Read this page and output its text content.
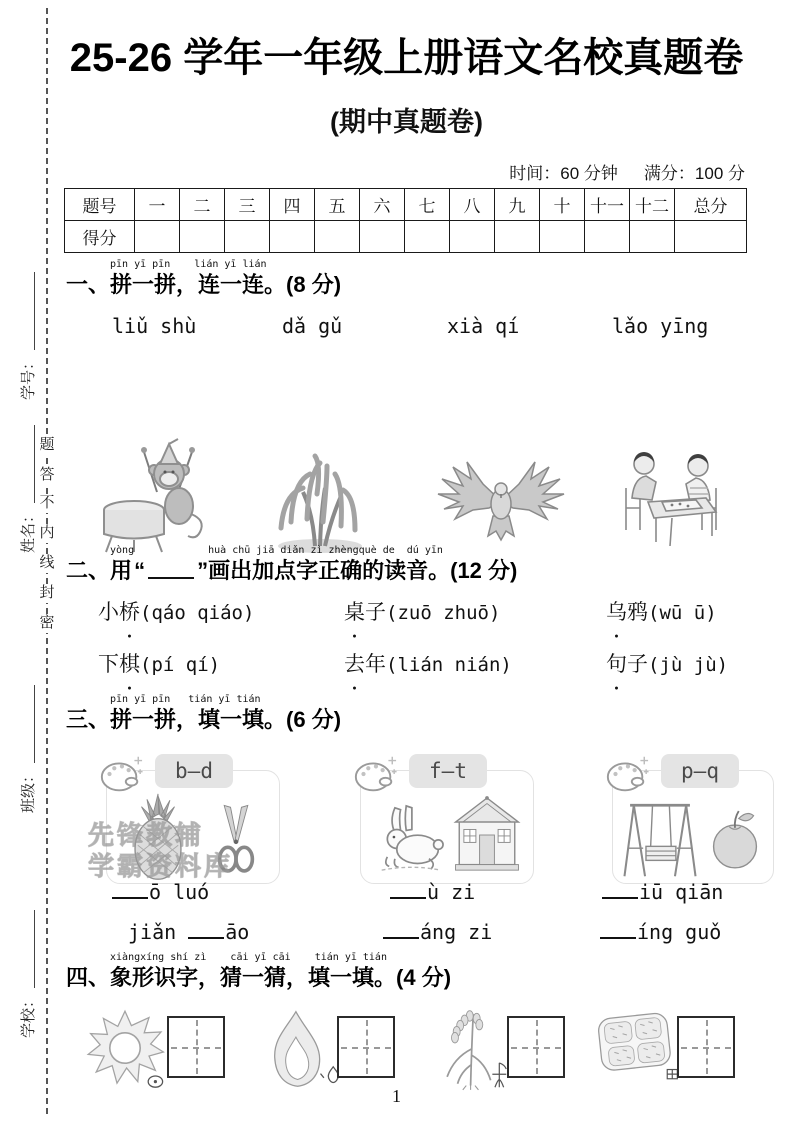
学号：
姓名：
班级：
学校：
题
答
不
内
线
封
密
25-26 学年一年级上册语文名校真题卷
(期中真题卷)
时间：60 分钟 满分：100 分
题号	一	二	三	四	五	六	七	八	九	十	十一	十二	总分
得分													
一、
pīn yī pīn    lián yī lián
拼一拼，连一连。 (8 分)
liǔ shù	dǎ gǔ	xià qí	lǎo yīng
二、
yòng
用 “ ”
huà chū jiā diǎn zì zhèngquè de  dú yīn
画出加点字正确的读音。 (12 分)
小桥 ●(qáo qiáo)	桌 ●子(zuō zhuō)	乌 ●鸦(wū ū)
下棋 ●(pí qí)	去 ●年(lián nián)	句 ●子(jù jù)
三、
pīn yī pīn   tián yī tián
拼一拼，填一填。 (6 分)
b—d	f—t	p—q
ō luó	ù zi	iū qiān
jiǎn āo	áng zi	íng guǒ
四、
xiàngxíng shí zì    cāi yī cāi    tián yī tián
象形识字，猜一猜，填一填。 (4 分)
先锋教辅
学霸资料库
1
